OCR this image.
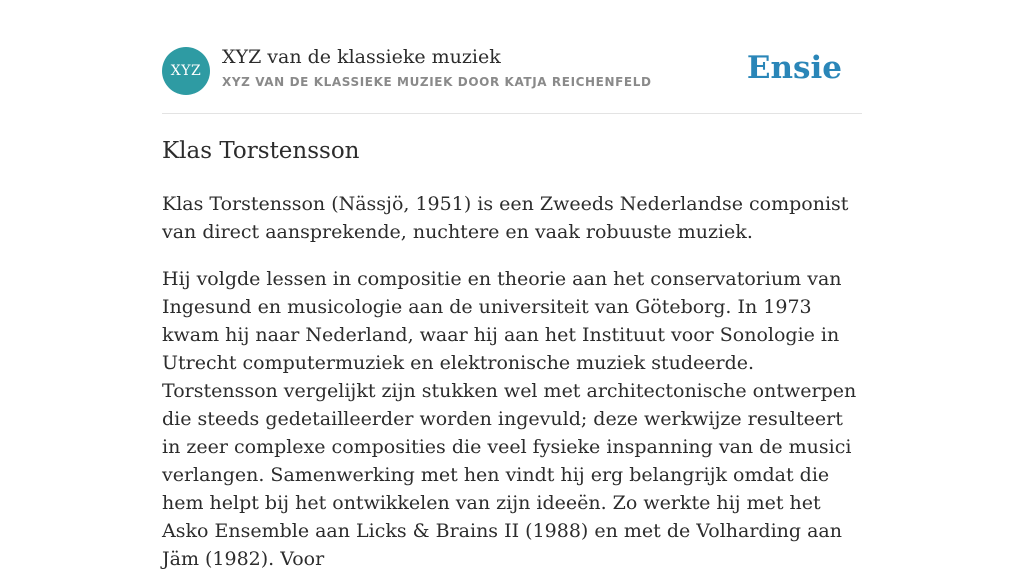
XYZ
XYZ van de klassieke muziek
XYZ VAN DE KLASSIEKE MUZIEK DOOR KATJA REICHENFELD	Ensie
Klas Torstensson

Klas Torstensson (Nässjö, 1951) is een Zweeds Nederlandse componist van direct aansprekende, nuchtere en vaak robuuste muziek.

Hij volgde lessen in compositie en theorie aan het conservatorium van Ingesund en musicologie aan de universiteit van Göteborg. In 1973 kwam hij naar Nederland, waar hij aan het Instituut voor Sonologie in Utrecht computermuziek en elektronische muziek studeerde. Torstensson vergelijkt zijn stukken wel met architectonische ontwerpen die steeds gedetailleerder worden ingevuld; deze werkwijze resulteert in zeer complexe composities die veel fysieke inspanning van de musici verlangen. Samenwerking met hen vindt hij erg belangrijk omdat die hem helpt bij het ontwikkelen van zijn ideeën. Zo werkte hij met het Asko Ensemble aan Licks & Brains II (1988) en met de Volharding aan Jäm (1982). Voor
